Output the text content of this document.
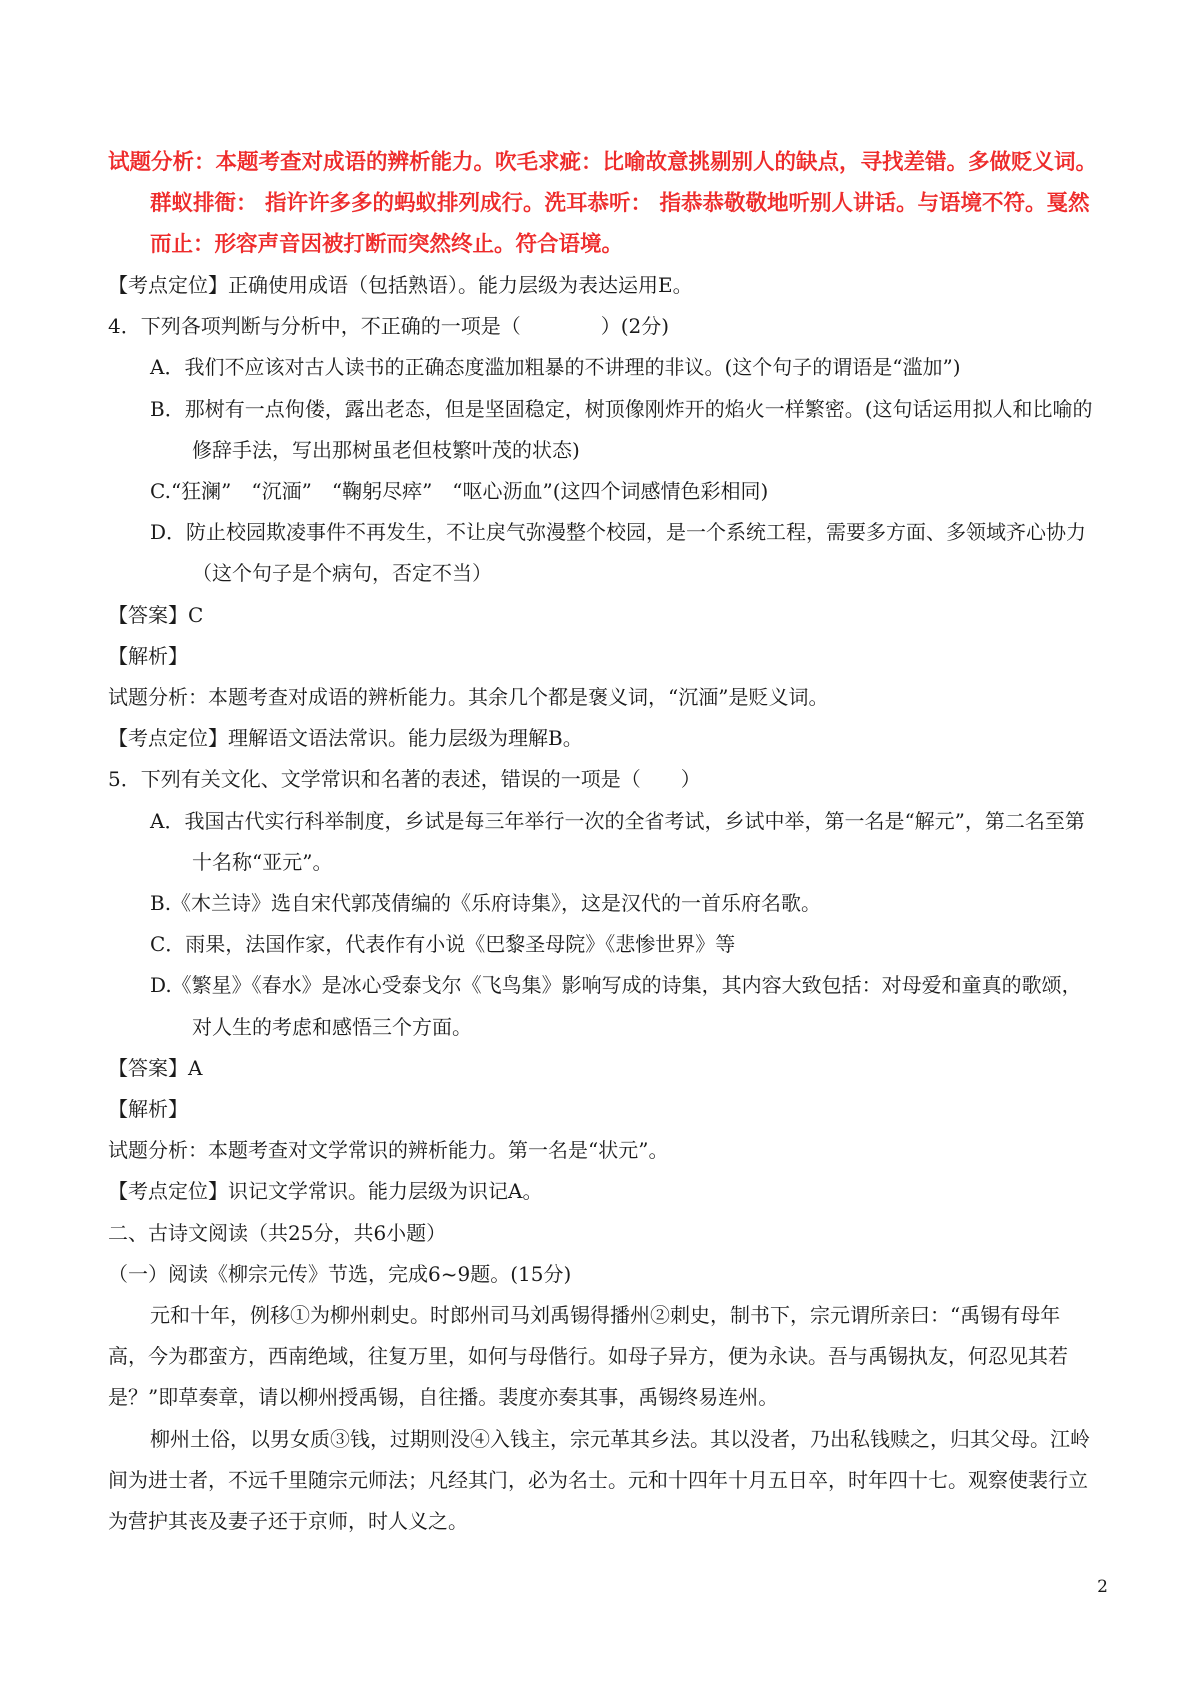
试题分析：本题考查对成语的辨析能力。吹毛求疵：比喻故意挑剔别人的缺点，寻找差错。多做贬义词。

群蚁排衙： 指许许多多的蚂蚁排列成行。洗耳恭听： 指恭恭敬敬地听别人讲话。与语境不符。戛然

而止：形容声音因被打断而突然终止。符合语境。

【考点定位】正确使用成语（包括熟语）。能力层级为表达运用E。

4．下列各项判断与分析中，不正确的一项是（　　　　）(2分)

A．我们不应该对古人读书的正确态度滥加粗暴的不讲理的非议。(这个句子的谓语是“滥加”)

B．那树有一点佝偻，露出老态，但是坚固稳定，树顶像刚炸开的焰火一样繁密。(这句话运用拟人和比喻的修辞手法，写出那树虽老但枝繁叶茂的状态)

C.“狂澜”　“沉湎”　“鞠躬尽瘁”　“呕心沥血”(这四个词感情色彩相同)

D．防止校园欺凌事件不再发生，不让戾气弥漫整个校园，是一个系统工程，需要多方面、多领域齐心协力（这个句子是个病句，否定不当）

【答案】C

【解析】

试题分析：本题考查对成语的辨析能力。其余几个都是褒义词，“沉湎”是贬义词。

【考点定位】理解语文语法常识。能力层级为理解B。

5．下列有关文化、文学常识和名著的表述，错误的一项是（　　）

A．我国古代实行科举制度，乡试是每三年举行一次的全省考试，乡试中举，第一名是“解元”，第二名至第十名称“亚元”。

B.《木兰诗》选自宋代郭茂倩编的《乐府诗集》，这是汉代的一首乐府名歌。

C．雨果，法国作家，代表作有小说《巴黎圣母院》《悲惨世界》等

D.《繁星》《春水》是冰心受泰戈尔《飞鸟集》影响写成的诗集，其内容大致包括：对母爱和童真的歌颂，对人生的考虑和感悟三个方面。

【答案】A

【解析】

试题分析：本题考查对文学常识的辨析能力。第一名是“状元”。

【考点定位】识记文学常识。能力层级为识记A。

二、古诗文阅读（共25分，共6小题）

（一）阅读《柳宗元传》节选，完成6~9题。(15分)

元和十年，例移①为柳州刺史。时郎州司马刘禹锡得播州②刺史，制书下，宗元谓所亲曰：“禹锡有母年高，今为郡蛮方，西南绝域，往复万里，如何与母偕行。如母子异方，便为永诀。吾与禹锡执友，何忍见其若是？”即草奏章，请以柳州授禹锡，自往播。裴度亦奏其事，禹锡终易连州。

柳州土俗，以男女质③钱，过期则没④入钱主，宗元革其乡法。其以没者，乃出私钱赎之，归其父母。江岭间为进士者，不远千里随宗元师法；凡经其门，必为名士。元和十四年十月五日卒，时年四十七。观察使裴行立为营护其丧及妻子还于京师，时人义之。

2
